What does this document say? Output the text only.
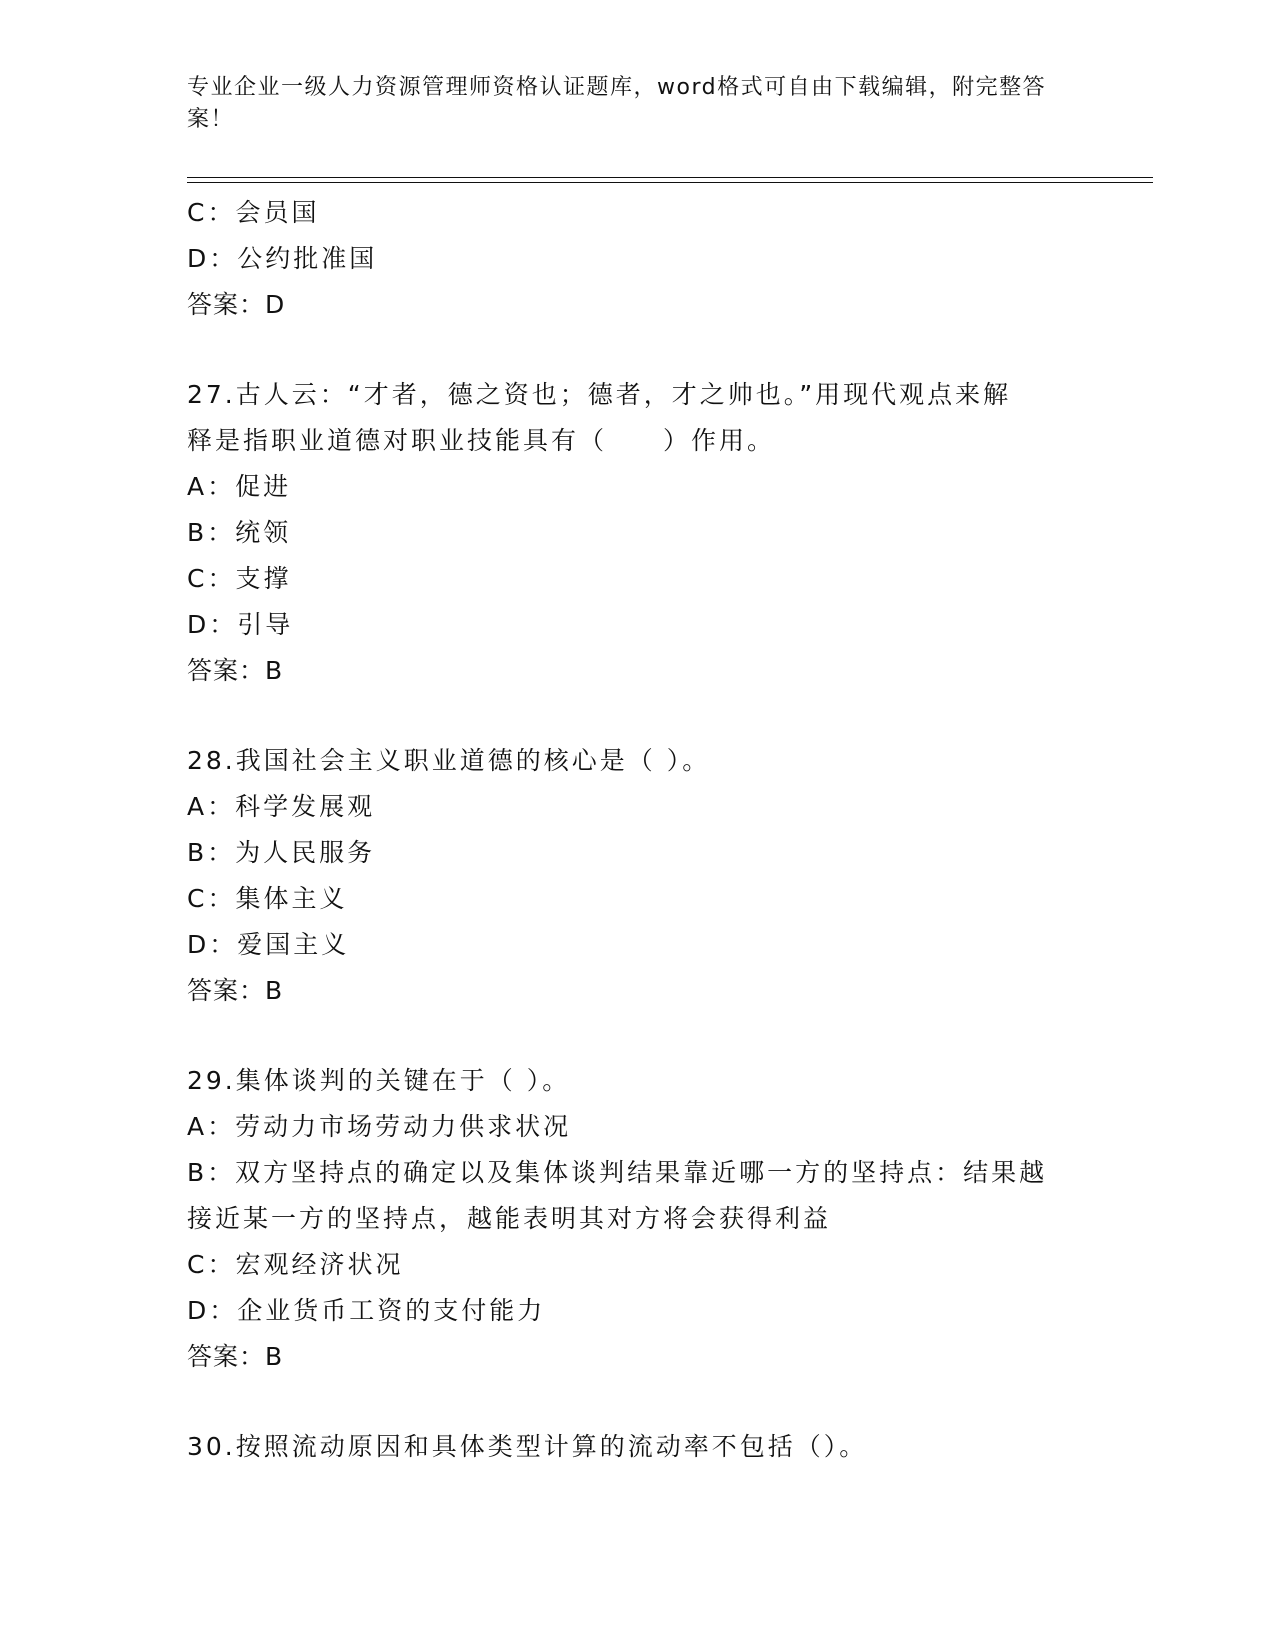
专业企业一级人力资源管理师资格认证题库，word格式可自由下载编辑，附完整答案！
C：会员国
D：公约批准国
答案：D
27.古人云：“才者，德之资也；德者，才之帅也。”用现代观点来解
释是指职业道德对职业技能具有（　　）作用。
A：促进
B：统领
C：支撑
D：引导
答案：B
28.我国社会主义职业道德的核心是（ ）。
A：科学发展观
B：为人民服务
C：集体主义
D：爱国主义
答案：B
29.集体谈判的关键在于（ ）。
A：劳动力市场劳动力供求状况
B：双方坚持点的确定以及集体谈判结果靠近哪一方的坚持点：结果越
接近某一方的坚持点，越能表明其对方将会获得利益
C：宏观经济状况
D：企业货币工资的支付能力
答案：B
30.按照流动原因和具体类型计算的流动率不包括（）。
